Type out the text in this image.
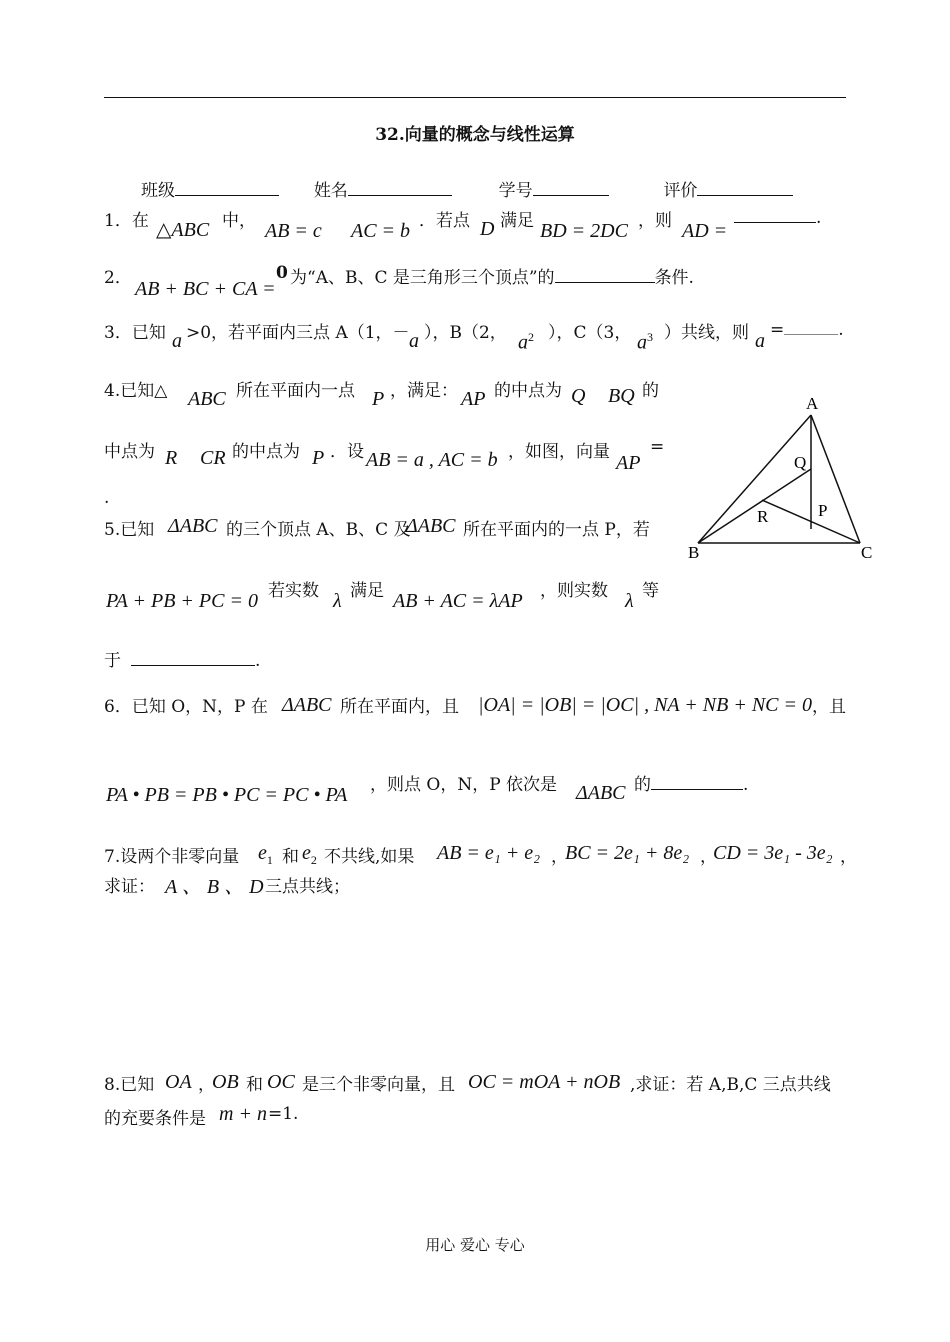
32.向量的概念与线性运算
班级	姓名	学号	评价
1．在 △ABC 中， AB = c AC = b ．若点 D 满足 BD = 2DC ，则 AD =
.
2． AB + BC + CA =
0 为“A、B、C 是三角形三个顶点”的	条件.
3．已知 a >0，若平面内三点 A（1，－ a ），B（2， $a^2$ ），C（3， $a^3$ ）共线，则 a =	.
4.已知△ ABC 所在平面内一点 P ，满足： AP 的中点为 Q BQ 的
中点为 R CR 的中点为 P ．设 AB = a , AC = b ，如图，向量 AP
=
.
A
B	C
Q
R	P
5.已知 ΔABC 的三个顶点 A、B、C 及
ΔABC 所在平面内的一点 P，若
PA + PB + PC = 0 若实数 λ 满足 AB + AC = λAP ，则实数 λ 等
于	.
6．已知 O，N，P 在 ΔABC 所在平面内，且 |OA| = |OB| = |OC| , NA + NB + NC = 0 ，且
PA • PB = PB • PC = PC • PA ，则点 O，N，P 依次是 ΔABC 的	.
7.设两个非零向量 $e_1$ 和 $e_2$ 不共线,如果 AB = e₁ + e₂ ，
BC = 2e₁ + 8e₂ ，
CD = 3e₁ - 3e₂ ，
求证： A 、 B 、 D 三点共线；
8.已知 OA ，
OB 和 OC 是三个非零向量，且 OC = mOA + nOB ,求证：若 A,B,C 三点共线
的充要条件是 m + n =1.
用心 爱心 专心
